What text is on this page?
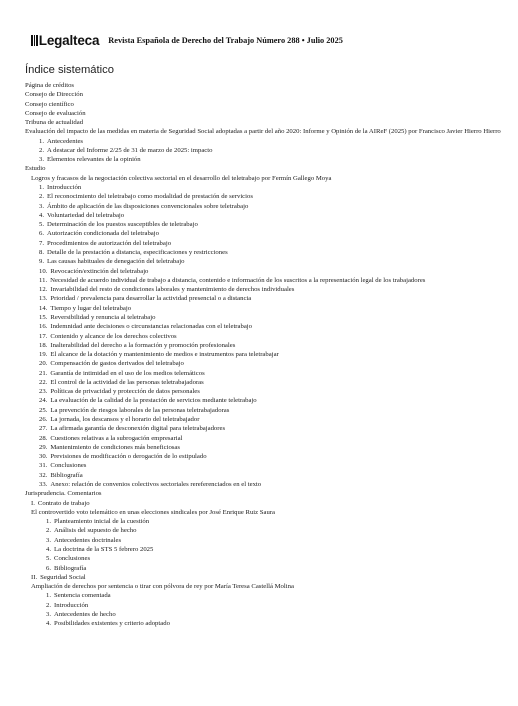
Legalteca Revista Española de Derecho del Trabajo Número 288 • Julio 2025
Índice sistemático
Página de créditos
Consejo de Dirección
Consejo científico
Consejo de evaluación
Tribuna de actualidad
Evaluación del impacto de las medidas en materia de Seguridad Social adoptadas a partir del año 2020: Informe y Opinión de la AIReF (2025) por Francisco Javier Hierro Hierro
1. Antecedentes
2. A destacar del Informe 2/25 de 31 de marzo de 2025: impacto
3. Elementos relevantes de la opinión
Estudio
Logros y fracasos de la negociación colectiva sectorial en el desarrollo del teletrabajo por Fermín Gallego Moya
1. Introducción
2. El reconocimiento del teletrabajo como modalidad de prestación de servicios
3. Ámbito de aplicación de las disposiciones convencionales sobre teletrabajo
4. Voluntariedad del teletrabajo
5. Determinación de los puestos susceptibles de teletrabajo
6. Autorización condicionada del teletrabajo
7. Procedimientos de autorización del teletrabajo
8. Detalle de la prestación a distancia, especificaciones y restricciones
9. Las causas habituales de denegación del teletrabajo
10. Revocación/extinción del teletrabajo
11. Necesidad de acuerdo individual de trabajo a distancia, contenido e información de los suscritos a la representación legal de los trabajadores
12. Invariabilidad del resto de condiciones laborales y mantenimiento de derechos individuales
13. Prioridad / prevalencia para desarrollar la actividad presencial o a distancia
14. Tiempo y lugar del teletrabajo
15. Reversibilidad y renuncia al teletrabajo
16. Indemnidad ante decisiones o circunstancias relacionadas con el teletrabajo
17. Contenido y alcance de los derechos colectivos
18. Inalterabilidad del derecho a la formación y promoción profesionales
19. El alcance de la dotación y mantenimiento de medios e instrumentos para teletrabajar
20. Compensación de gastos derivados del teletrabajo
21. Garantía de intimidad en el uso de los medios telemáticos
22. El control de la actividad de las personas teletrabajadoras
23. Políticas de privacidad y protección de datos personales
24. La evaluación de la calidad de la prestación de servicios mediante teletrabajo
25. La prevención de riesgos laborales de las personas teletrabajadoras
26. La jornada, los descansos y el horario del teletrabajador
27. La afirmada garantía de desconexión digital para teletrabajadores
28. Cuestiones relativas a la subrogación empresarial
29. Mantenimiento de condiciones más beneficiosas
30. Previsiones de modificación o derogación de lo estipulado
31. Conclusiones
32. Bibliografía
33. Anexo: relación de convenios colectivos sectoriales rereferenciados en el texto
Jurisprudencia. Comentarios
I. Contrato de trabajo
El controvertido voto telemático en unas elecciones sindicales por José Enrique Ruiz Saura
1. Planteamiento inicial de la cuestión
2. Análisis del supuesto de hecho
3. Antecedentes doctrinales
4. La doctrina de la STS 5 febrero 2025
5. Conclusiones
6. Bibliografía
II. Seguridad Social
Ampliación de derechos por sentencia o tirar con pólvora de rey por María Teresa Castellá Molina
1. Sentencia comentada
2. Introducción
3. Antecedentes de hecho
4. Posibilidades existentes y criterio adoptado
